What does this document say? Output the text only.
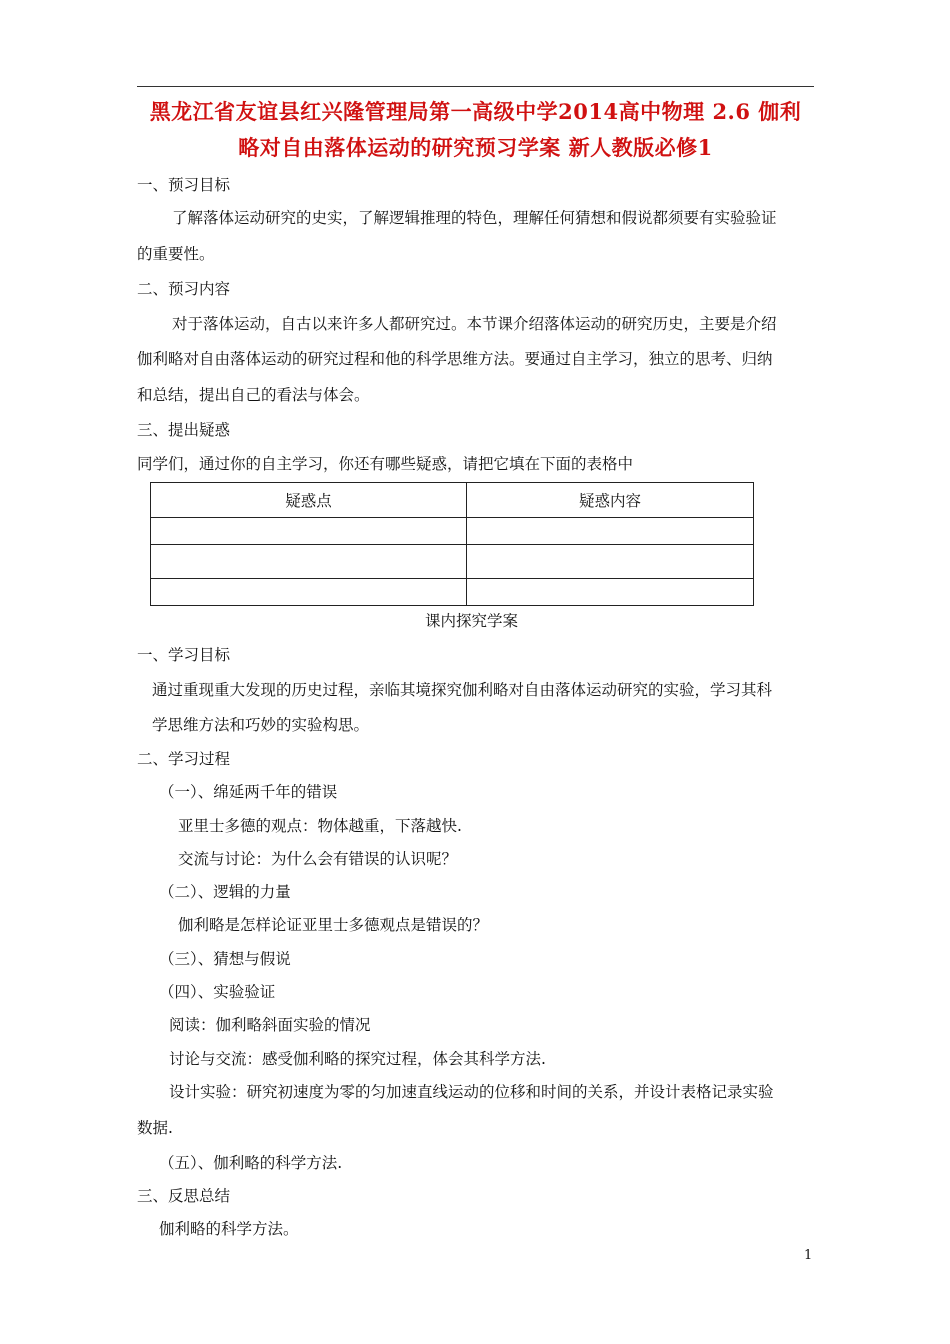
黑龙江省友谊县红兴隆管理局第一高级中学2014高中物理 2.6 伽利
略对自由落体运动的研究预习学案 新人教版必修1
一、预习目标
了解落体运动研究的史实，了解逻辑推理的特色，理解任何猜想和假说都须要有实验验证
的重要性。
二、预习内容
对于落体运动，自古以来许多人都研究过。本节课介绍落体运动的研究历史，主要是介绍
伽利略对自由落体运动的研究过程和他的科学思维方法。要通过自主学习，独立的思考、归纳
和总结，提出自己的看法与体会。
三、提出疑惑
同学们，通过你的自主学习，你还有哪些疑惑，请把它填在下面的表格中
疑惑点	疑惑内容

课内探究学案
一、学习目标
通过重现重大发现的历史过程，亲临其境探究伽利略对自由落体运动研究的实验，学习其科
学思维方法和巧妙的实验构思。
二、学习过程
（一）、绵延两千年的错误
亚里士多德的观点：物体越重，下落越快.
交流与讨论：为什么会有错误的认识呢？
（二）、逻辑的力量
伽利略是怎样论证亚里士多德观点是错误的？
（三）、猜想与假说
（四）、实验验证
阅读：伽利略斜面实验的情况
讨论与交流：感受伽利略的探究过程，体会其科学方法.
设计实验：研究初速度为零的匀加速直线运动的位移和时间的关系，并设计表格记录实验
数据.
（五）、伽利略的科学方法.
三、反思总结
伽利略的科学方法。
1
